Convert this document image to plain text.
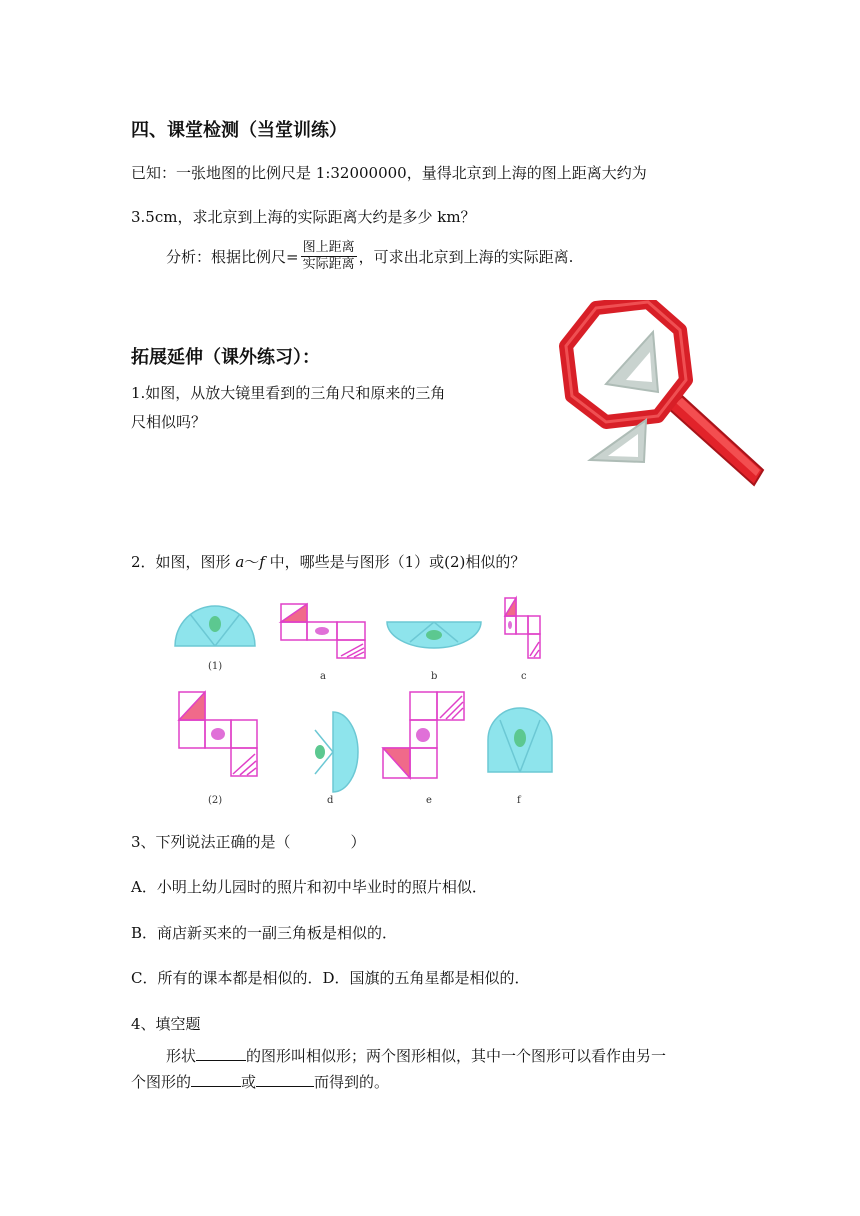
四、课堂检测（当堂训练）
已知：一张地图的比例尺是 1:32000000，量得北京到上海的图上距离大约为
3.5cm，求北京到上海的实际距离大约是多少 km？
分析：根据比例尺= $\frac{\text{图上距离}}{\text{实际距离}}$ ，可求出北京到上海的实际距离.
拓展延伸（课外练习）：
1.如图，从放大镜里看到的三角尺和原来的三角
尺相似吗？
2．如图，图形 a～f 中，哪些是与图形（1）或(2)相似的？
(1)
a	b	c
(2)	d	e	f
3、下列说法正确的是（　　　　）
A．小明上幼儿园时的照片和初中毕业时的照片相似．
B．商店新买来的一副三角板是相似的．
C．所有的课本都是相似的．D．国旗的五角星都是相似的．
4、填空题
形状	的图形叫相似形；两个图形相似，其中一个图形可以看作由另一
个图形的	或	而得到的。
